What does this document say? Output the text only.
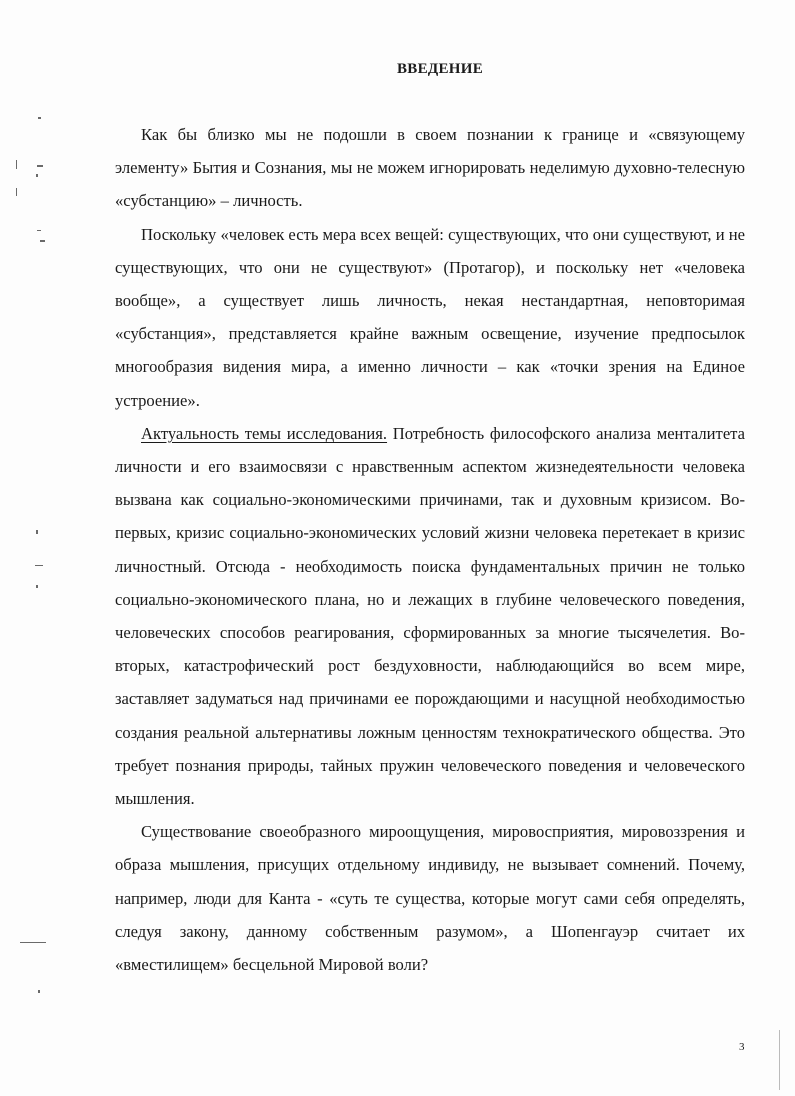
ВВЕДЕНИЕ

Как бы близко мы не подошли в своем познании к границе и «связующему элементу» Бытия и Сознания, мы не можем игнорировать неделимую духовно-телесную «субстанцию» – личность.

Поскольку «человек есть мера всех вещей: существующих, что они существуют, и не существующих, что они не существуют» (Протагор), и поскольку нет «человека вообще», а существует лишь личность, некая нестандартная, неповторимая «субстанция», представляется крайне важным освещение, изучение предпосылок многообразия видения мира, а именно личности – как «точки зрения на Единое устроение».

Актуальность темы исследования. Потребность философского анализа менталитета личности и его взаимосвязи с нравственным аспектом жизнедеятельности человека вызвана как социально-экономическими причинами, так и духовным кризисом. Во-первых, кризис социально-экономических условий жизни человека перетекает в кризис личностный. Отсюда - необходимость поиска фундаментальных причин не только социально-экономического плана, но и лежащих в глубине человеческого поведения, человеческих способов реагирования, сформированных за многие тысячелетия. Во-вторых, катастрофический рост бездуховности, наблюдающийся во всем мире, заставляет задуматься над причинами ее порождающими и насущной необходимостью создания реальной альтернативы ложным ценностям технократического общества. Это требует познания природы, тайных пружин человеческого поведения и человеческого мышления.

Существование своеобразного мироощущения, мировосприятия, мировоззрения и образа мышления, присущих отдельному индивиду, не вызывает сомнений. Почему, например, люди для Канта - «суть те существа, которые могут сами себя определять, следуя закону, данному собственным разумом», а Шопенгауэр считает их «вместилищем» бесцельной Мировой воли?

3
